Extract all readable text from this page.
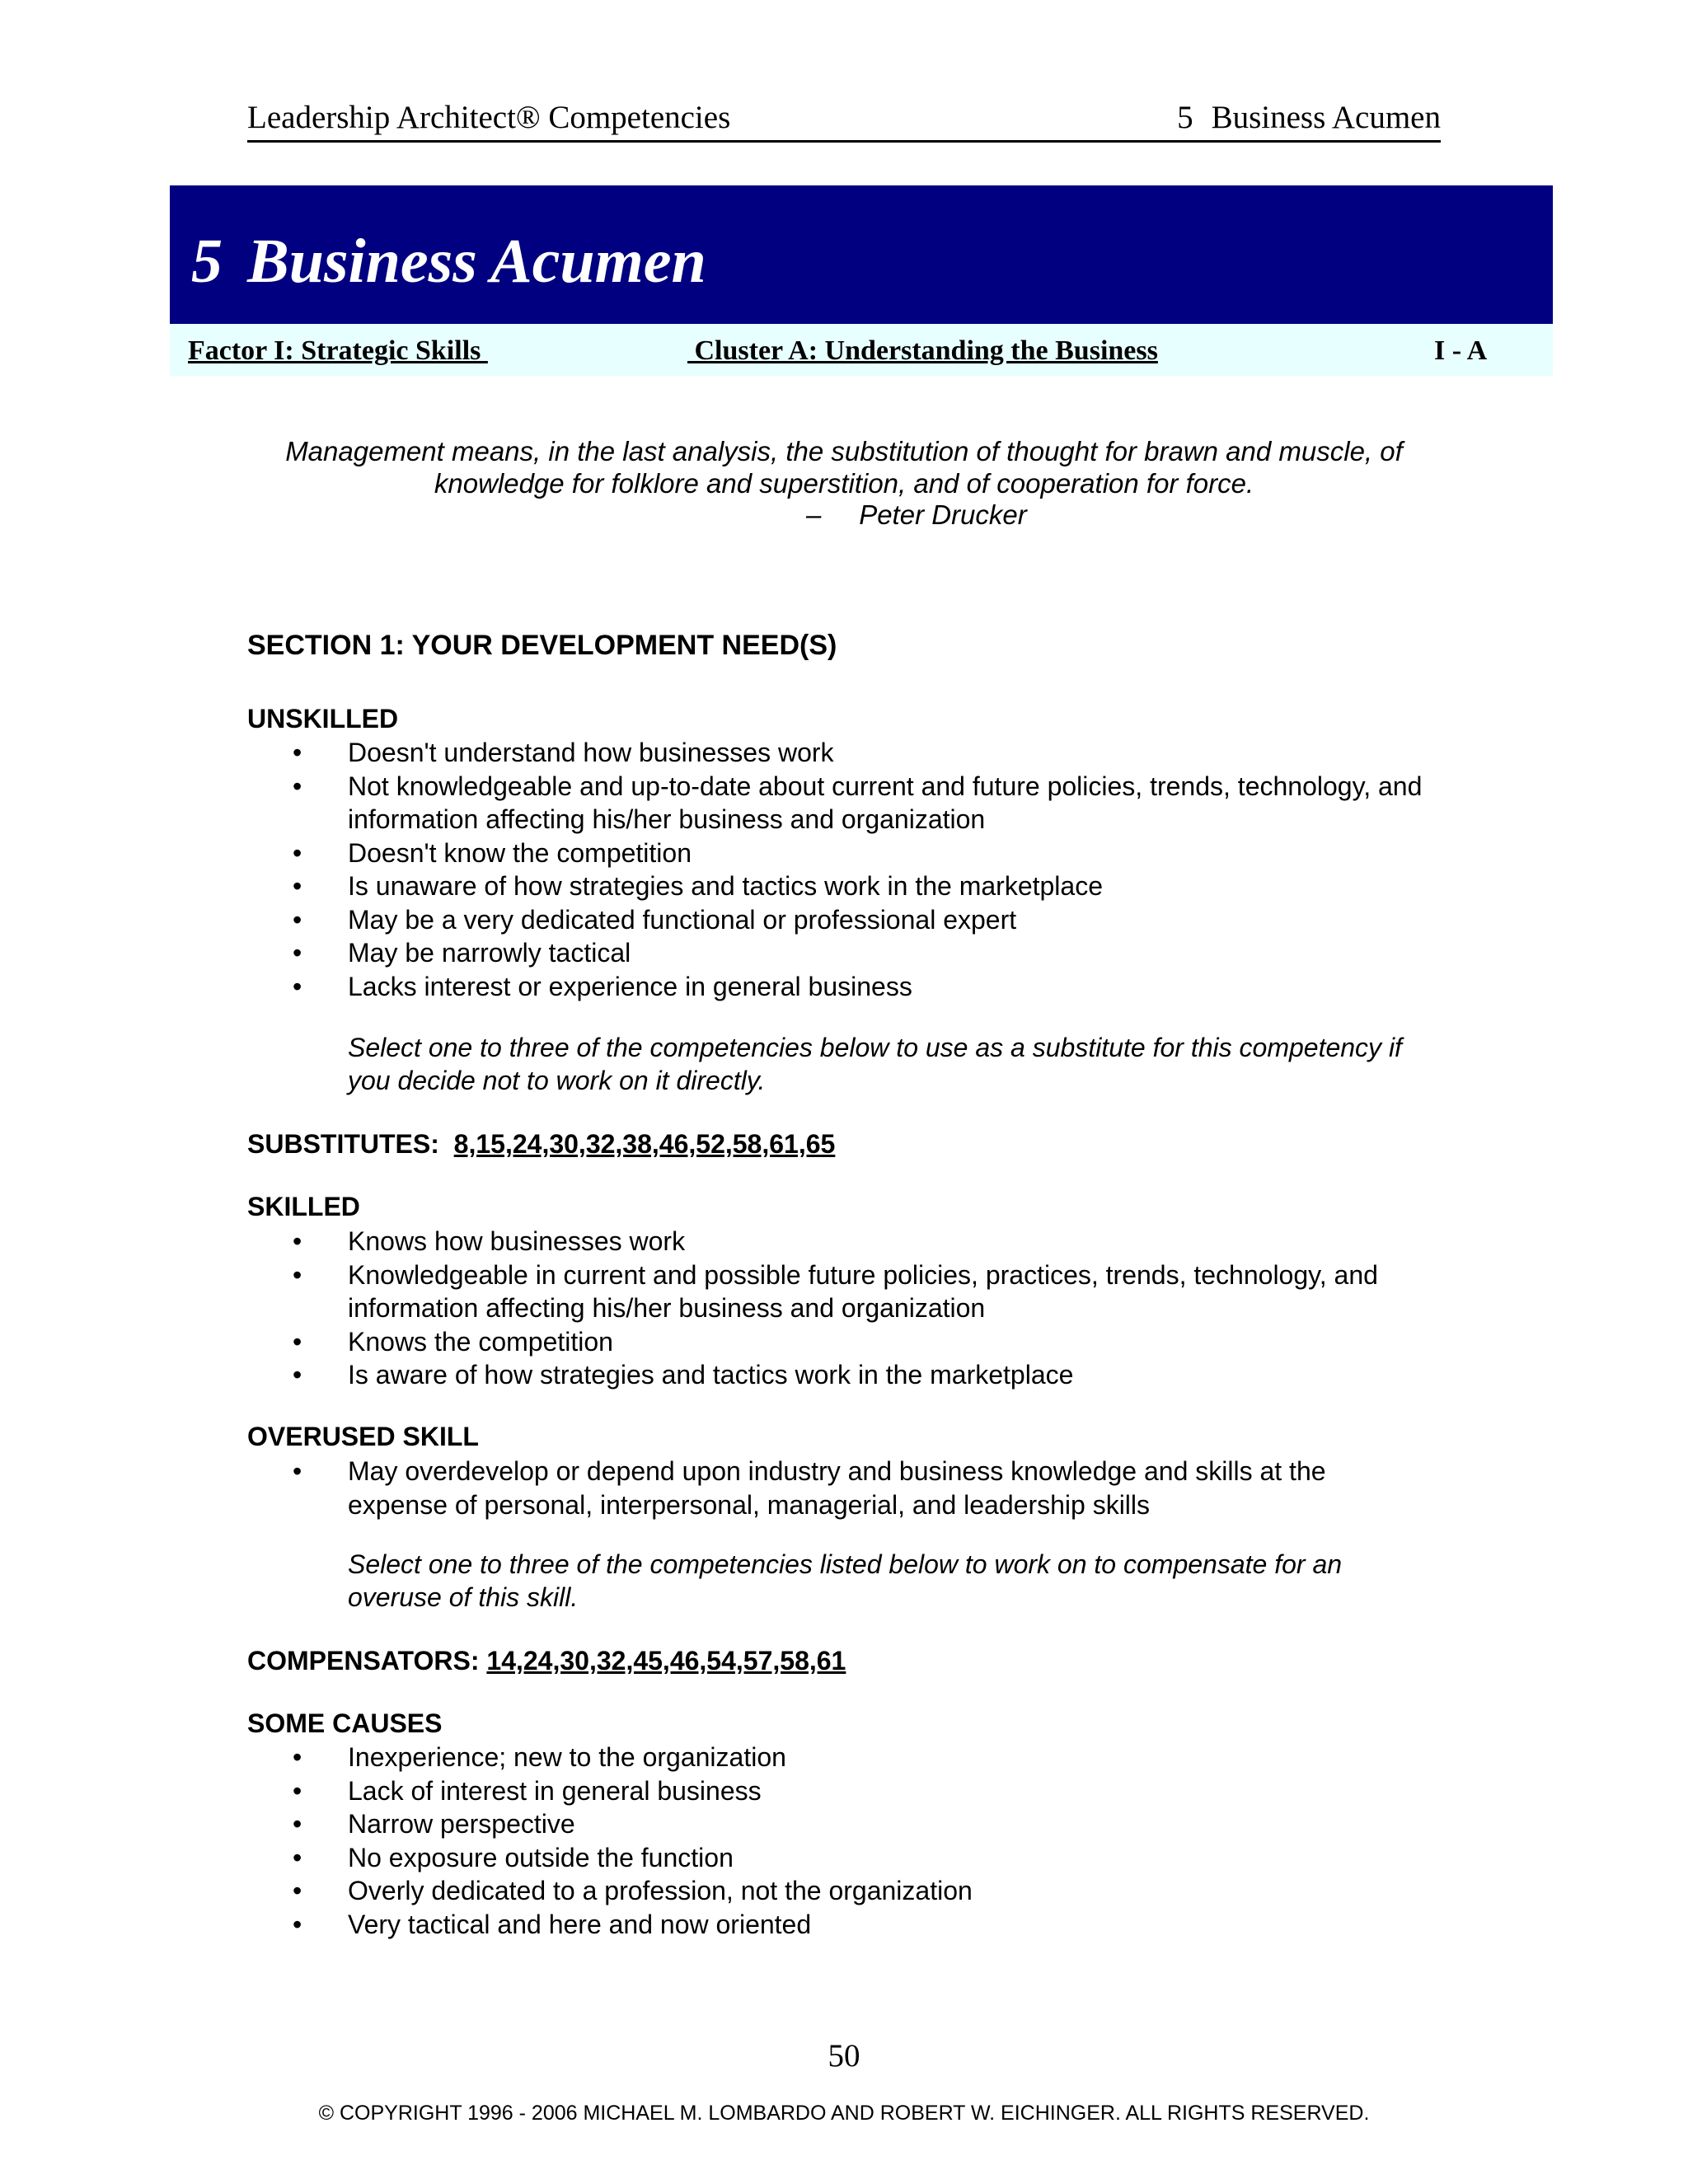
Leadership Architect® Competencies	5 Business Acumen
5 Business Acumen
Factor I: Strategic Skills	Cluster A: Understanding the Business	I - A
Management means, in the last analysis, the substitution of thought for brawn and muscle, of knowledge for folklore and superstition, and of cooperation for force.
–     Peter Drucker
SECTION 1: YOUR DEVELOPMENT NEED(S)
UNSKILLED
• Doesn't understand how businesses work
• Not knowledgeable and up-to-date about current and future policies, trends, technology, and information affecting his/her business and organization
• Doesn't know the competition
• Is unaware of how strategies and tactics work in the marketplace
• May be a very dedicated functional or professional expert
• May be narrowly tactical
• Lacks interest or experience in general business
Select one to three of the competencies below to use as a substitute for this competency if you decide not to work on it directly.
SUBSTITUTES: 8,15,24,30,32,38,46,52,58,61,65
SKILLED
• Knows how businesses work
• Knowledgeable in current and possible future policies, practices, trends, technology, and information affecting his/her business and organization
• Knows the competition
• Is aware of how strategies and tactics work in the marketplace
OVERUSED SKILL
• May overdevelop or depend upon industry and business knowledge and skills at the expense of personal, interpersonal, managerial, and leadership skills
Select one to three of the competencies listed below to work on to compensate for an overuse of this skill.
COMPENSATORS: 14,24,30,32,45,46,54,57,58,61
SOME CAUSES
• Inexperience; new to the organization
• Lack of interest in general business
• Narrow perspective
• No exposure outside the function
• Overly dedicated to a profession, not the organization
• Very tactical and here and now oriented
50
© COPYRIGHT 1996 - 2006 MICHAEL M. LOMBARDO AND ROBERT W. EICHINGER. ALL RIGHTS RESERVED.
